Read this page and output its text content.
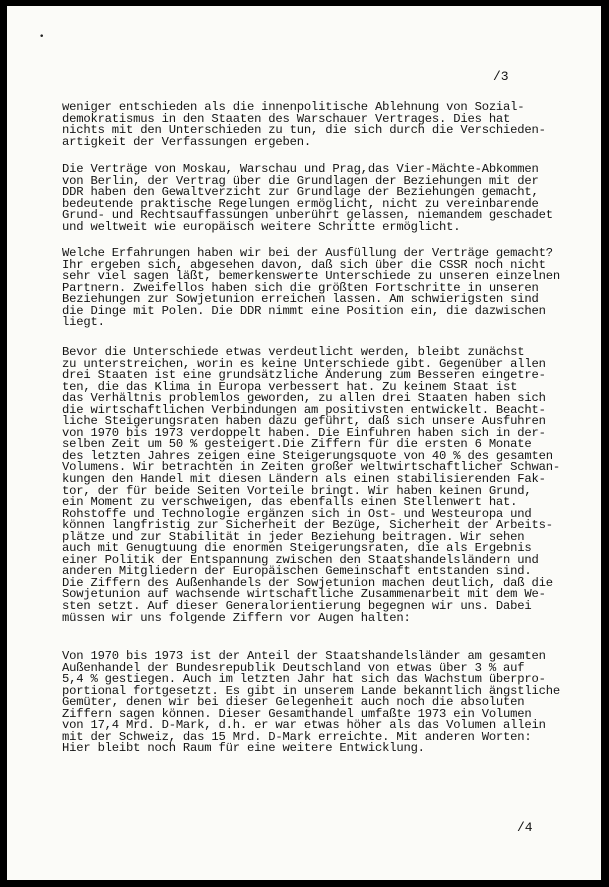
•
/3
weniger entschieden als die innenpolitische Ablehnung von Sozial-
demokratismus in den Staaten des Warschauer Vertrages. Dies hat
nichts mit den Unterschieden zu tun, die sich durch die Verschieden-
artigkeit der Verfassungen ergeben.
Die Verträge von Moskau, Warschau und Prag,das Vier-Mächte-Abkommen
von Berlin, der Vertrag über die Grundlagen der Beziehungen mit der
DDR haben den Gewaltverzicht zur Grundlage der Beziehungen gemacht,
bedeutende praktische Regelungen ermöglicht, nicht zu vereinbarende
Grund- und Rechtsauffassungen unberührt gelassen, niemandem geschadet
und weltweit wie europäisch weitere Schritte ermöglicht.
Welche Erfahrungen haben wir bei der Ausfüllung der Verträge gemacht?
Ihr ergeben sich, abgesehen davon, daß sich über die CSSR noch nicht
sehr viel sagen läßt, bemerkenswerte Unterschiede zu unseren einzelnen
Partnern. Zweifellos haben sich die größten Fortschritte in unseren
Beziehungen zur Sowjetunion erreichen lassen. Am schwierigsten sind
die Dinge mit Polen. Die DDR nimmt eine Position ein, die dazwischen
liegt.
Bevor die Unterschiede etwas verdeutlicht werden, bleibt zunächst
zu unterstreichen, worin es keine Unterschiede gibt. Gegenüber allen
drei Staaten ist eine grundsätzliche Änderung zum Besseren eingetre-
ten, die das Klima in Europa verbessert hat. Zu keinem Staat ist
das Verhältnis problemlos geworden, zu allen drei Staaten haben sich
die wirtschaftlichen Verbindungen am positivsten entwickelt. Beacht-
liche Steigerungsraten haben dazu geführt, daß sich unsere Ausfuhren
von 1970 bis 1973 verdoppelt haben. Die Einfuhren haben sich in der-
selben Zeit um 50 % gesteigert.Die Ziffern für die ersten 6 Monate
des letzten Jahres zeigen eine Steigerungsquote von 40 % des gesamten
Volumens. Wir betrachten in Zeiten großer weltwirtschaftlicher Schwan-
kungen den Handel mit diesen Ländern als einen stabilisierenden Fak-
tor, der für beide Seiten Vorteile bringt. Wir haben keinen Grund,
ein Moment zu verschweigen, das ebenfalls einen Stellenwert hat.
Rohstoffe und Technologie ergänzen sich in Ost- und Westeuropa und
können langfristig zur Sicherheit der Bezüge, Sicherheit der Arbeits-
plätze und zur Stabilität in jeder Beziehung beitragen. Wir sehen
auch mit Genugtuung die enormen Steigerungsraten, die als Ergebnis
einer Politik der Entspannung zwischen den Staatshandelsländern und
anderen Mitgliedern der Europäischen Gemeinschaft entstanden sind.
Die Ziffern des Außenhandels der Sowjetunion machen deutlich, daß die
Sowjetunion auf wachsende wirtschaftliche Zusammenarbeit mit dem We-
sten setzt. Auf dieser Generalorientierung begegnen wir uns. Dabei
müssen wir uns folgende Ziffern vor Augen halten:
Von 1970 bis 1973 ist der Anteil der Staatshandelsländer am gesamten
Außenhandel der Bundesrepublik Deutschland von etwas über 3 % auf
5,4 % gestiegen. Auch im letzten Jahr hat sich das Wachstum überpro-
portional fortgesetzt. Es gibt in unserem Lande bekanntlich ängstliche
Gemüter, denen wir bei dieser Gelegenheit auch noch die absoluten
Ziffern sagen können. Dieser Gesamthandel umfaßte 1973 ein Volumen
von 17,4 Mrd. D-Mark, d.h. er war etwas höher als das Volumen allein
mit der Schweiz, das 15 Mrd. D-Mark erreichte. Mit anderen Worten:
Hier bleibt noch Raum für eine weitere Entwicklung.
/4
